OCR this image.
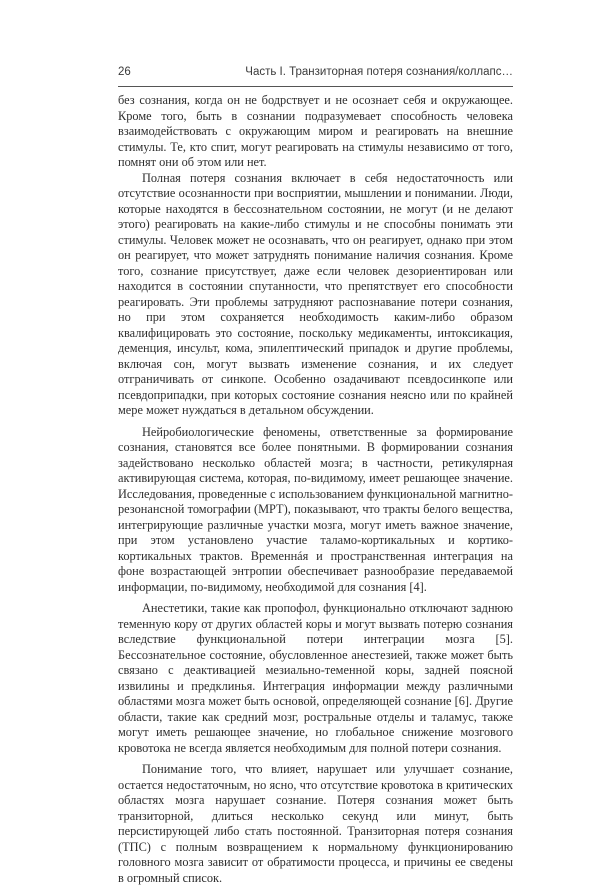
26	Часть I. Транзиторная потеря сознания/коллапс…

без сознания, когда он не бодрствует и не осознает себя и окружающее. Кроме того, быть в сознании подразумевает способность человека взаимодействовать с окружающим миром и реагировать на внешние стимулы. Те, кто спит, могут реагировать на стимулы независимо от того, помнят они об этом или нет.

Полная потеря сознания включает в себя недостаточность или отсутствие осознанности при восприятии, мышлении и понимании. Люди, которые находятся в бессознательном состоянии, не могут (и не делают этого) реагировать на какие-либо стимулы и не способны понимать эти стимулы. Человек может не осознавать, что он реагирует, однако при этом он реагирует, что может затруднять понимание наличия сознания. Кроме того, сознание присутствует, даже если человек дезориентирован или находится в состоянии спутанности, что препятствует его способности реагировать. Эти проблемы затрудняют распознавание потери сознания, но при этом сохраняется необходимость каким-либо образом квалифицировать это состояние, поскольку медикаменты, интоксикация, деменция, инсульт, кома, эпилептический припадок и другие проблемы, включая сон, могут вызвать изменение сознания, и их следует отграничивать от синкопе. Особенно озадачивают псевдосинкопе или псевдоприпадки, при которых состояние сознания неясно или по крайней мере может нуждаться в детальном обсуждении.

Нейробиологические феномены, ответственные за формирование сознания, становятся все более понятными. В формировании сознания задействовано несколько областей мозга; в частности, ретикулярная активирующая система, которая, по-видимому, имеет решающее значение. Исследования, проведенные с использованием функциональной магнитно-резонансной томографии (МРТ), показывают, что тракты белого вещества, интегрирующие различные участки мозга, могут иметь важное значение, при этом установлено участие таламо-кортикальных и кортико-кортикальных трактов. Временнáя и пространственная интеграция на фоне возрастающей энтропии обеспечивает разнообразие передаваемой информации, по-видимому, необходимой для сознания [4].

Анестетики, такие как пропофол, функционально отключают заднюю теменную кору от других областей коры и могут вызвать потерю сознания вследствие функциональной потери интеграции мозга [5]. Бессознательное состояние, обусловленное анестезией, также может быть связано с деактивацией мезиально-теменной коры, задней поясной извилины и предклинья. Интеграция информации между различными областями мозга может быть основой, определяющей сознание [6]. Другие области, такие как средний мозг, ростральные отделы и таламус, также могут иметь решающее значение, но глобальное снижение мозгового кровотока не всегда является необходимым для полной потери сознания.

Понимание того, что влияет, нарушает или улучшает сознание, остается недостаточным, но ясно, что отсутствие кровотока в критических областях мозга нарушает сознание. Потеря сознания может быть транзиторной, длиться несколько секунд или минут, быть персистирующей либо стать постоянной. Транзиторная потеря сознания (ТПС) с полным возвращением к нормальному функционированию головного мозга зависит от обратимости процесса, и причины ее сведены в огромный список.
